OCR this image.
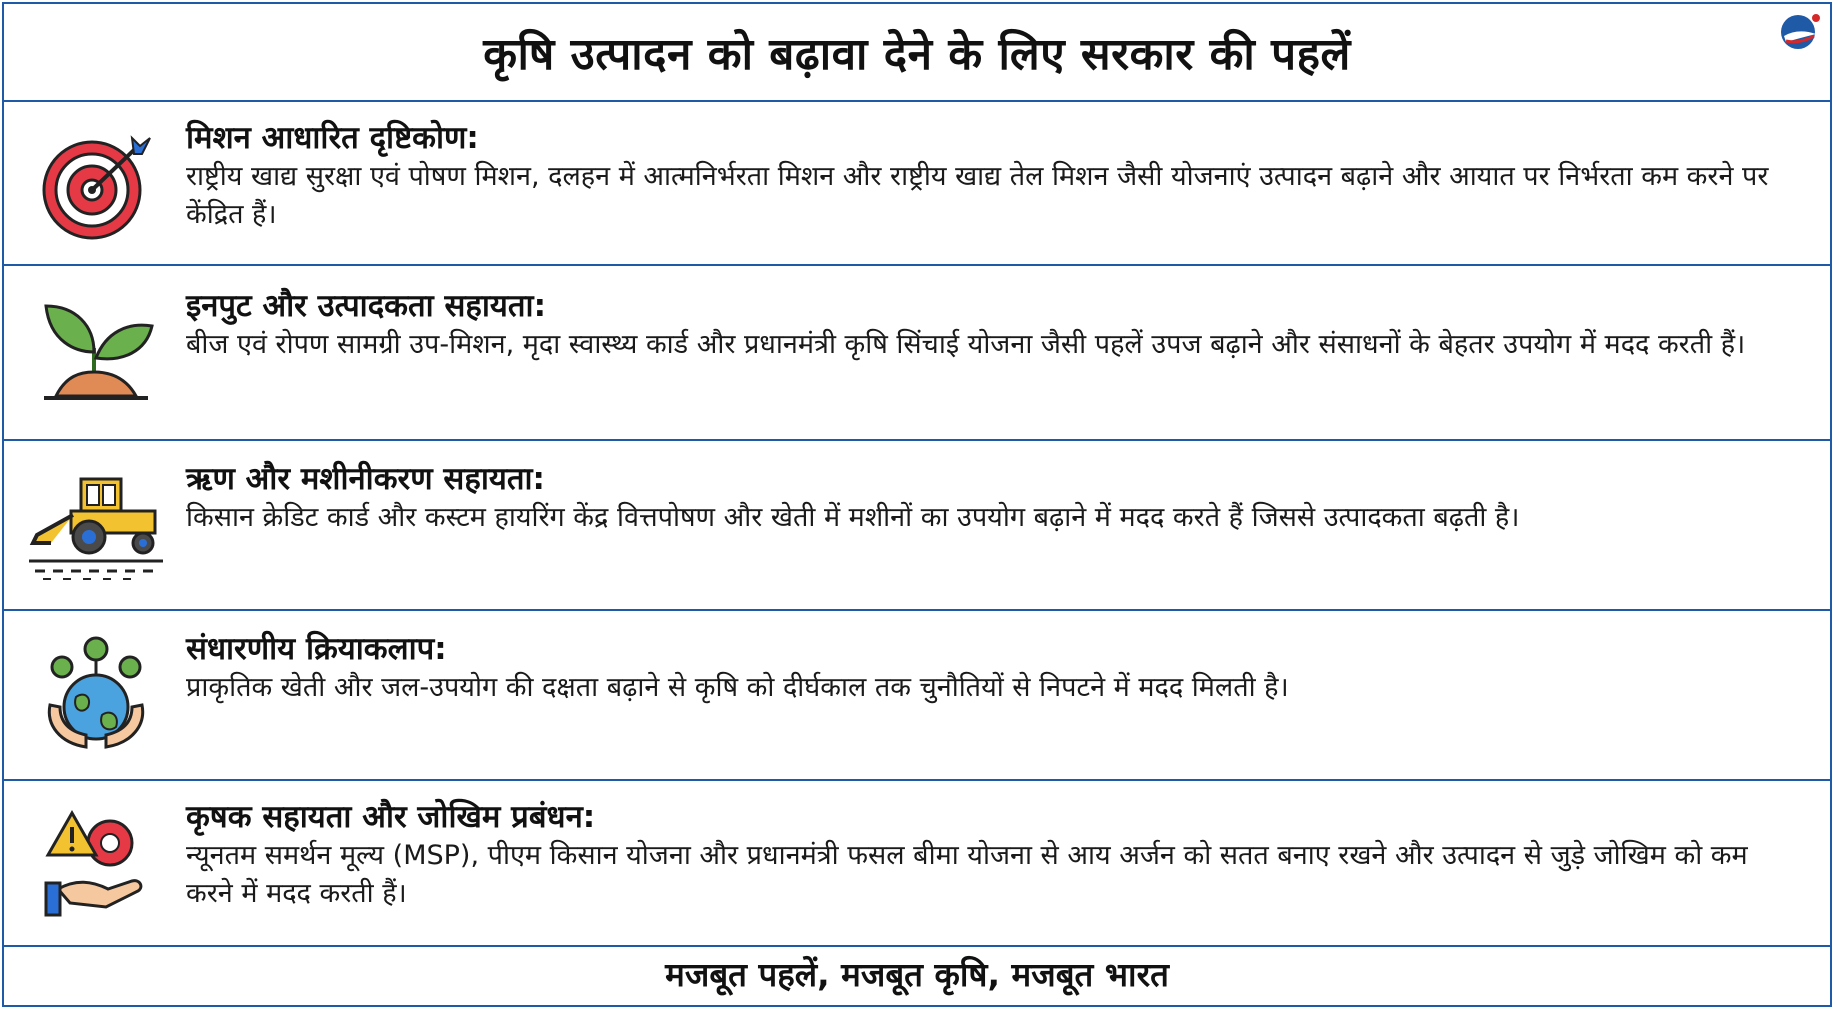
कृषि उत्पादन को बढ़ावा देने के लिए सरकार की पहलें

मिशन आधारित दृष्टिकोण:

राष्ट्रीय खाद्य सुरक्षा एवं पोषण मिशन, दलहन में आत्मनिर्भरता मिशन और राष्ट्रीय खाद्य तेल मिशन जैसी योजनाएं उत्पादन बढ़ाने और आयात पर निर्भरता कम करने पर केंद्रित हैं।

इनपुट और उत्पादकता सहायता:

बीज एवं रोपण सामग्री उप-मिशन, मृदा स्वास्थ्य कार्ड और प्रधानमंत्री कृषि सिंचाई योजना जैसी पहलें उपज बढ़ाने और संसाधनों के बेहतर उपयोग में मदद करती हैं।

ऋण और मशीनीकरण सहायता:

किसान क्रेडिट कार्ड और कस्टम हायरिंग केंद्र वित्तपोषण और खेती में मशीनों का उपयोग बढ़ाने में मदद करते हैं जिससे उत्पादकता बढ़ती है।

संधारणीय क्रियाकलाप:

प्राकृतिक खेती और जल-उपयोग की दक्षता बढ़ाने से कृषि को दीर्घकाल तक चुनौतियों से निपटने में मदद मिलती है।

कृषक सहायता और जोखिम प्रबंधन:

न्यूनतम समर्थन मूल्य (MSP), पीएम किसान योजना और प्रधानमंत्री फसल बीमा योजना से आय अर्जन को सतत बनाए रखने और उत्पादन से जुड़े जोखिम को कम करने में मदद करती हैं।

मजबूत पहलें, मजबूत कृषि, मजबूत भारत
